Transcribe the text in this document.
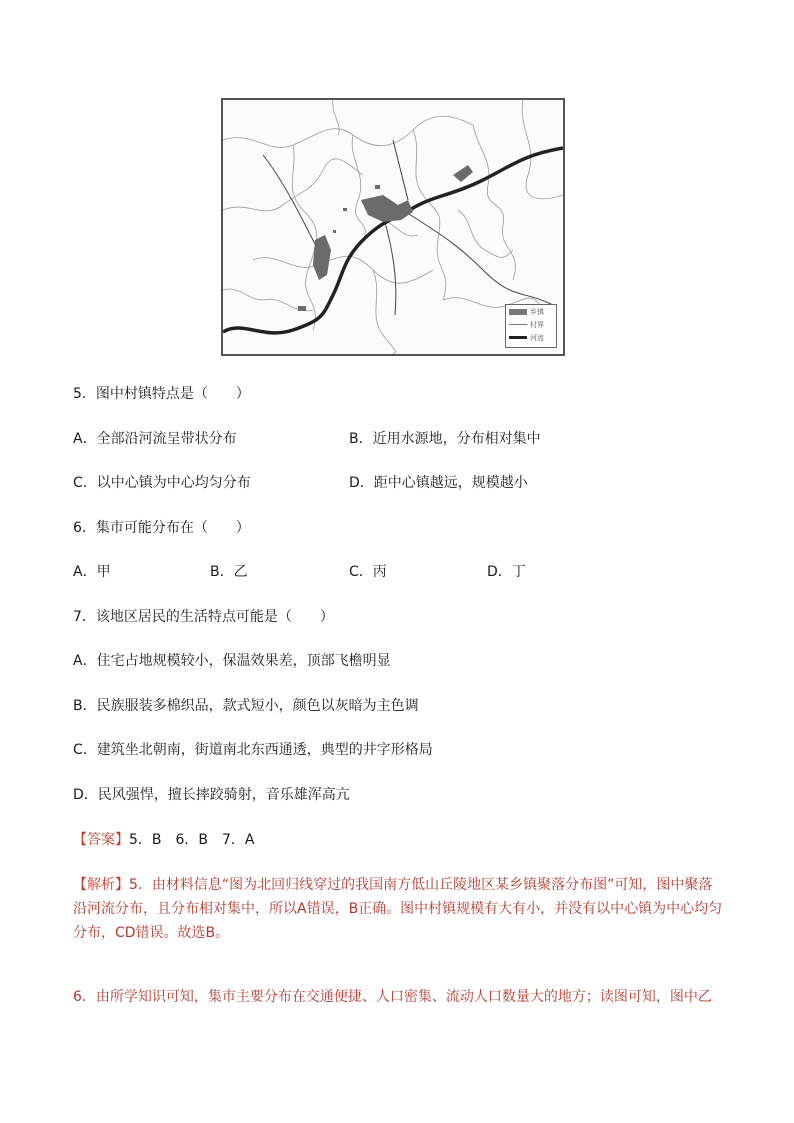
乡镇
村界
河流
5．图中村镇特点是（　　）
A．全部沿河流呈带状分布	B．近用水源地，分布相对集中
C．以中心镇为中心均匀分布	D．距中心镇越远，规模越小
6．集市可能分布在（　　）
A．甲	B．乙	C．丙	D．丁
7．该地区居民的生活特点可能是（　　）
A．住宅占地规模较小，保温效果差，顶部飞檐明显
B．民族服装多棉织品，款式短小，颜色以灰暗为主色调
C．建筑坐北朝南，街道南北东西通透，典型的井字形格局
D．民风强悍，擅长摔跤骑射，音乐雄浑高亢
【答案】5．B　6．B　7．A
【解析】5．由材料信息“图为北回归线穿过的我国南方低山丘陵地区某乡镇聚落分布图”可知，图中聚落沿河流分布，且分布相对集中，所以A错误，B正确。图中村镇规模有大有小，并没有以中心镇为中心均匀分布，CD错误。故选B。
6．由所学知识可知，集市主要分布在交通便捷、人口密集、流动人口数量大的地方；读图可知，图中乙
